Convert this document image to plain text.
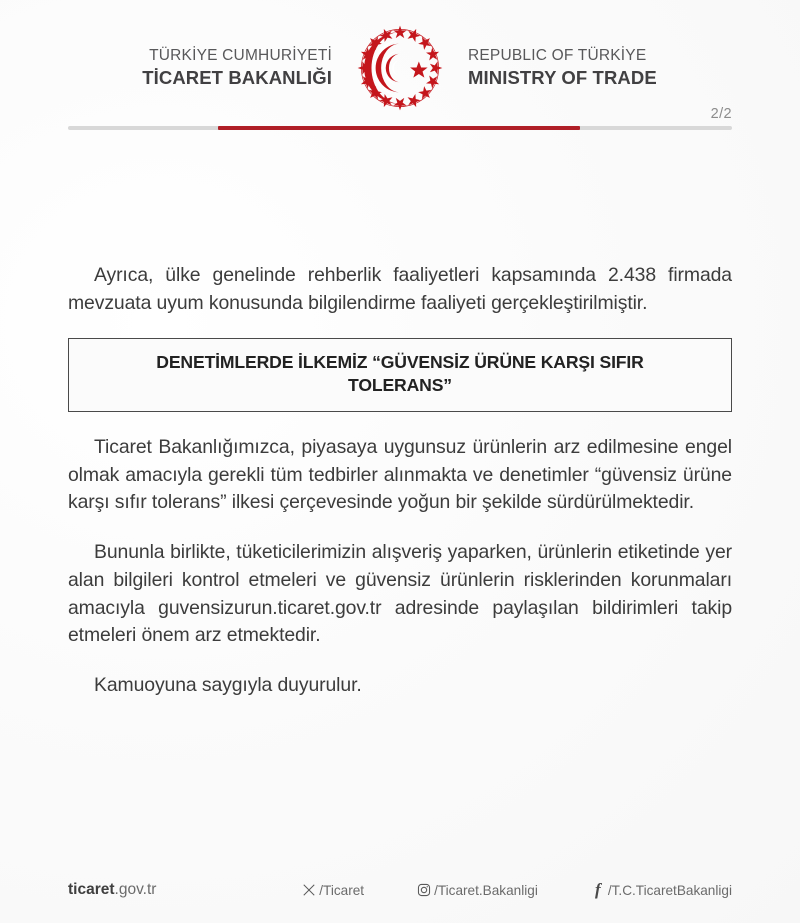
TÜRKİYE CUMHURİYETİ
TİCARET BAKANLIĞI
REPUBLIC OF TÜRKİYE
MINISTRY OF TRADE
2/2

Ayrıca, ülke genelinde rehberlik faaliyetleri kapsamında 2.438 firmada mevzuata uyum konusunda bilgilendirme faaliyeti gerçekleştirilmiştir.

DENETİMLERDE İLKEMİZ “GÜVENSİZ ÜRÜNE KARŞI SIFIR TOLERANS”

Ticaret Bakanlığımızca, piyasaya uygunsuz ürünlerin arz edilmesine engel olmak amacıyla gerekli tüm tedbirler alınmakta ve denetimler “güvensiz ürüne karşı sıfır tolerans” ilkesi çerçevesinde yoğun bir şekilde sürdürülmektedir.

Bununla birlikte, tüketicilerimizin alışveriş yaparken, ürünlerin etiketinde yer alan bilgileri kontrol etmeleri ve güvensiz ürünlerin risklerinden korunmaları amacıyla guvensizurun.ticaret.gov.tr adresinde paylaşılan bildirimleri takip etmeleri önem arz etmektedir.

Kamuoyuna saygıyla duyurulur.

ticaret.gov.tr	/Ticaret	/Ticaret.Bakanligi	f /T.C.TicaretBakanligi
